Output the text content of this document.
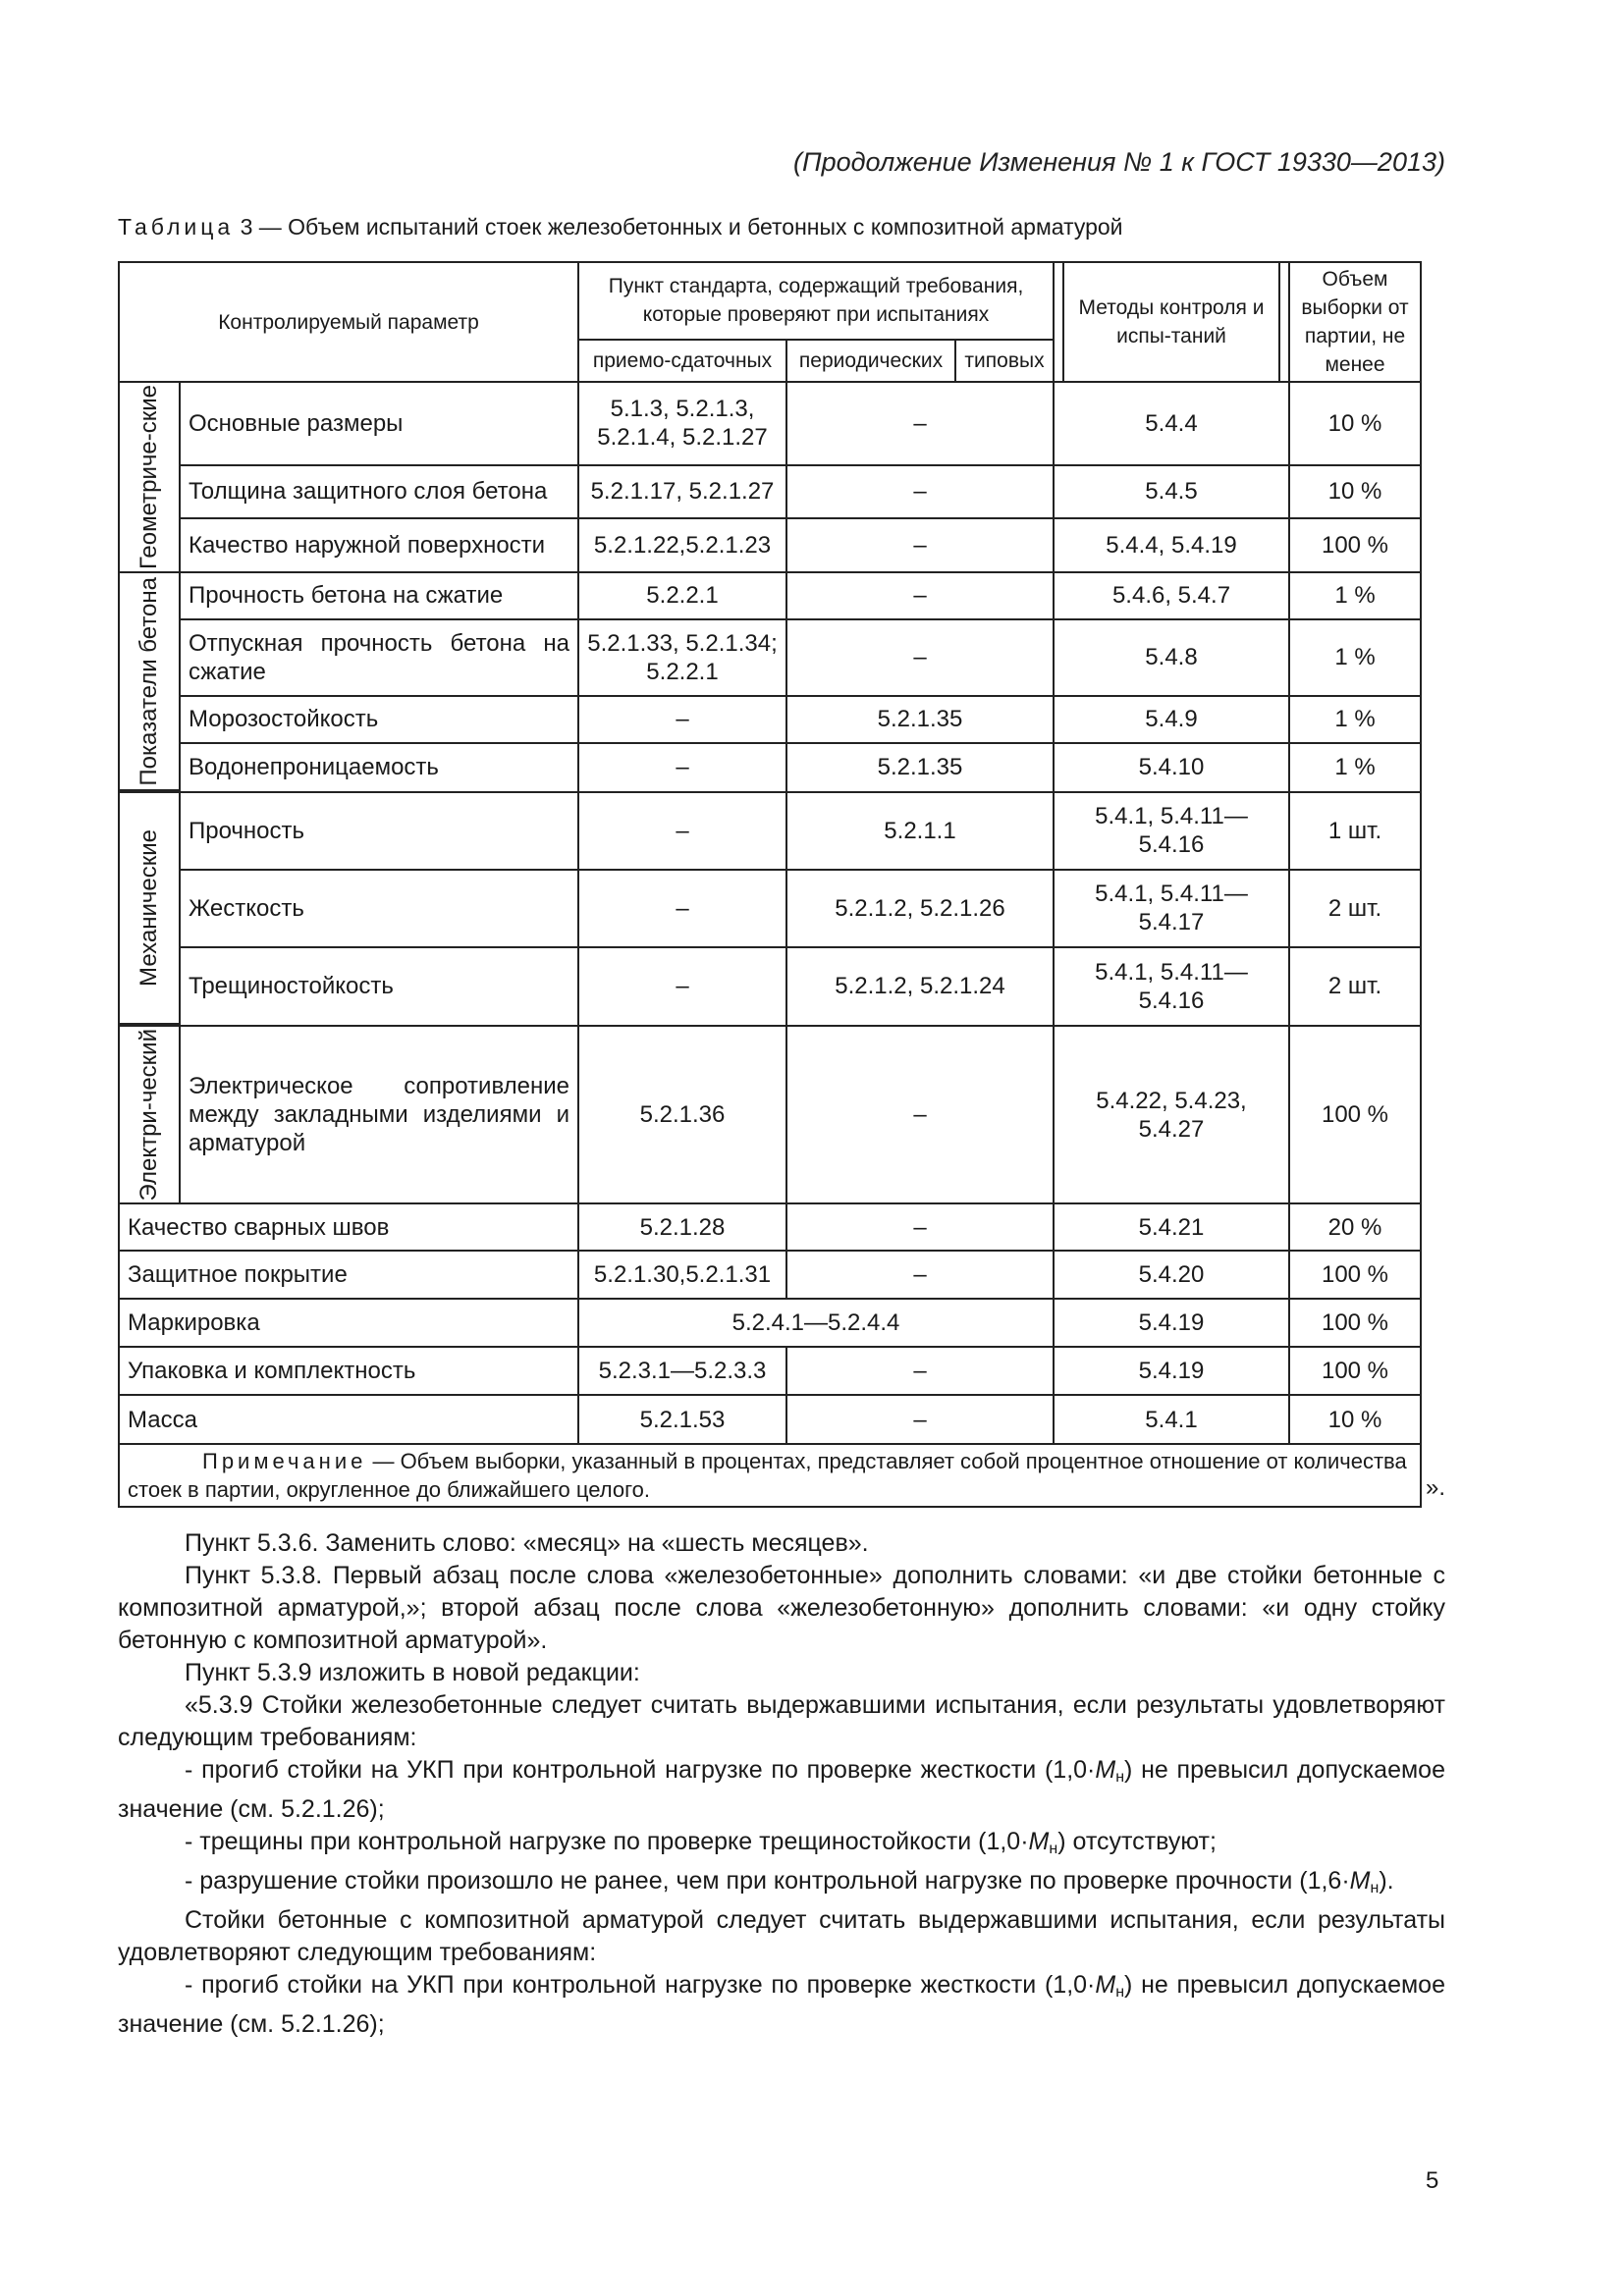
(Продолжение Изменения № 1 к ГОСТ 19330—2013)
Таблица 3 — Объем испытаний стоек железобетонных и бетонных с композитной арматурой
Контролируемый параметр		Пункт стандарта, содержащий требования, которые проверяют при испытаниях				Методы контроля и испы-таний		Объем выборки от партии, не менее
		приемо-сдаточных	периодических	типовых				

Геометриче-ские	Основные размеры	5.1.3, 5.2.1.3, 5.2.1.4, 5.2.1.27	–		5.4.4			10 %
	Толщина защитного слоя бетона	5.2.1.17, 5.2.1.27	–		5.4.5			10 %
	Качество наружной поверхности	5.2.1.22,5.2.1.23	–		5.4.4, 5.4.19			100 %

Показатели бетона	Прочность бетона на сжатие	5.2.2.1	–		5.4.6, 5.4.7			1 %
	Отпускная прочность бетона на сжатие	5.2.1.33, 5.2.1.34; 5.2.2.1	–		5.4.8			1 %
	Морозостойкость	–	5.2.1.35		5.4.9			1 %
	Водонепроницаемость	–	5.2.1.35		5.4.10			1 %

Механические	Прочность	–	5.2.1.1		5.4.1, 5.4.11—5.4.16			1 шт.
	Жесткость	–	5.2.1.2, 5.2.1.26		5.4.1, 5.4.11—5.4.17			2 шт.
	Трещиностойкость	–	5.2.1.2, 5.2.1.24		5.4.1, 5.4.11—5.4.16			2 шт.

Электри-ческий	Электрическое сопротивление между закладными изделиями и арматурой	5.2.1.36	–		5.4.22, 5.4.23, 5.4.27			100 %
Качество сварных швов		5.2.1.28	–		5.4.21			20 %
Защитное покрытие		5.2.1.30,5.2.1.31	–		5.4.20			100 %
Маркировка		5.2.4.1—5.2.4.4			5.4.19			100 %
Упаковка и комплектность		5.2.3.1—5.2.3.3	–		5.4.19			100 %
Масса		5.2.1.53	–		5.4.1			10 %
Примечание — Объем выборки, указанный в процентах, представляет собой процентное отношение от количества стоек в партии, округленное до ближайшего целого.									».

Пункт 5.3.6. Заменить слово: «месяц» на «шесть месяцев».

Пункт 5.3.8. Первый абзац после слова «железобетонные» дополнить словами: «и две стойки бетонные с композитной арматурой,»; второй абзац после слова «железобетонную» дополнить словами: «и одну стойку бетонную с композитной арматурой».

Пункт 5.3.9 изложить в новой редакции:

«5.3.9 Стойки железобетонные следует считать выдержавшими испытания, если результаты удовлетворяют следующим требованиям:

- прогиб стойки на УКП при контрольной нагрузке по проверке жесткости $(1,0\cdot M_н)$ не превысил допускаемое значение (см. 5.2.1.26);

- трещины при контрольной нагрузке по проверке трещиностойкости $(1,0\cdot M_н)$ отсутствуют;

- разрушение стойки произошло не ранее, чем при контрольной нагрузке по проверке прочности $(1,6\cdot M_н)$.

Стойки бетонные с композитной арматурой следует считать выдержавшими испытания, если результаты удовлетворяют следующим требованиям:

- прогиб стойки на УКП при контрольной нагрузке по проверке жесткости $(1,0\cdot M_н)$ не превысил допускаемое значение (см. 5.2.1.26);

5
